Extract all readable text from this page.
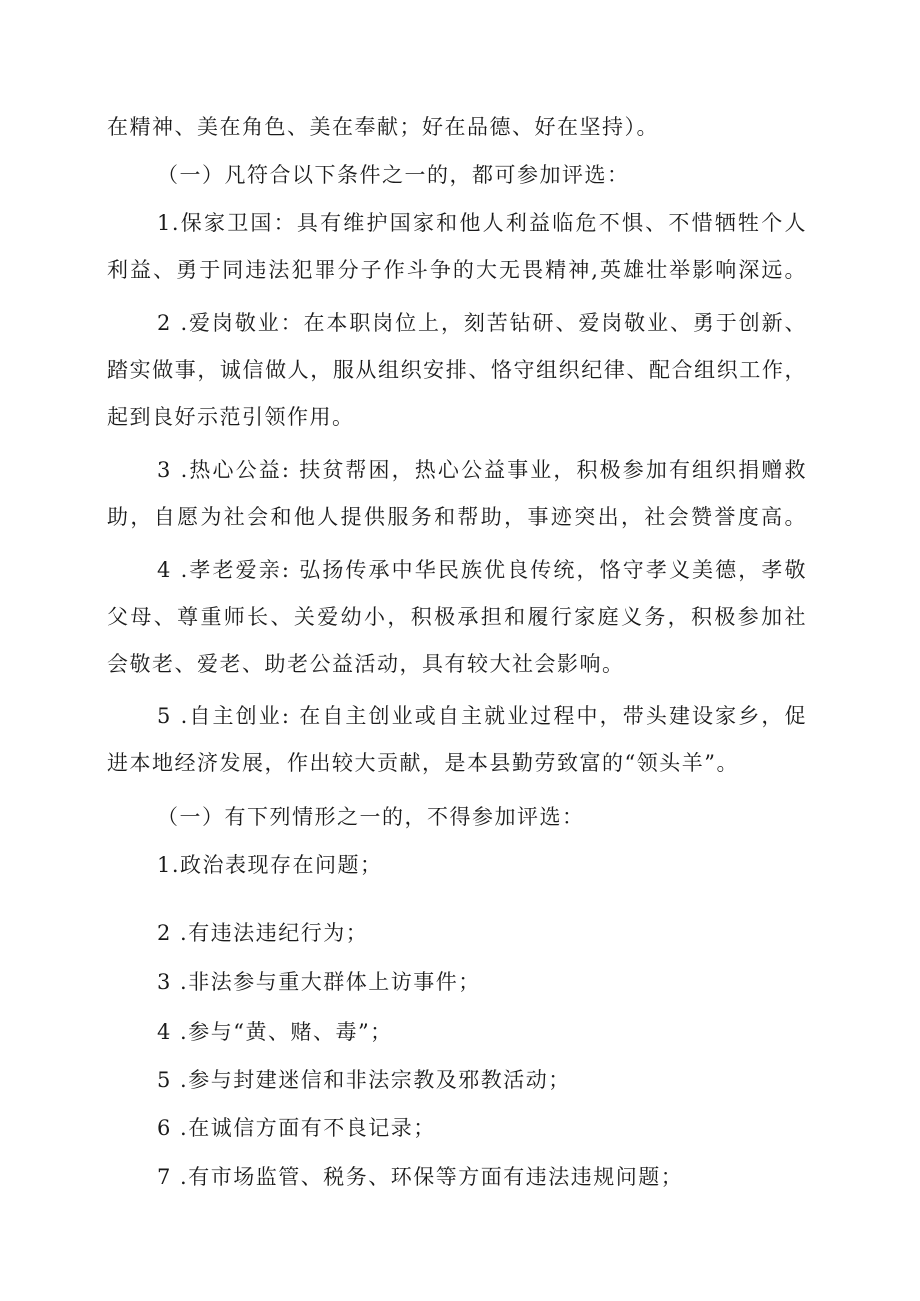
在精神、美在角色、美在奉献；好在品德、好在坚持）。
（一）凡符合以下条件之一的，都可参加评选：
1.保家卫国：具有维护国家和他人利益临危不惧、不惜牺牲个人
利益、勇于同违法犯罪分子作斗争的大无畏精神,英雄壮举影响深远。
2 .爱岗敬业：在本职岗位上，刻苦钻研、爱岗敬业、勇于创新、
踏实做事，诚信做人，服从组织安排、恪守组织纪律、配合组织工作，
起到良好示范引领作用。
3 .热心公益: 扶贫帮困，热心公益事业，积极参加有组织捐赠救
助，自愿为社会和他人提供服务和帮助，事迹突出，社会赞誉度高。
4 .孝老爱亲: 弘扬传承中华民族优良传统，恪守孝义美德，孝敬
父母、尊重师长、关爱幼小，积极承担和履行家庭义务，积极参加社
会敬老、爱老、助老公益活动，具有较大社会影响。
5 .自主创业: 在自主创业或自主就业过程中，带头建设家乡，促
进本地经济发展，作出较大贡献，是本县勤劳致富的“领头羊”。
（一）有下列情形之一的，不得参加评选：
1.政治表现存在问题；
2 .有违法违纪行为；
3 .非法参与重大群体上访事件；
4 .参与“黄、赌、毒”；
5 .参与封建迷信和非法宗教及邪教活动；
6 .在诚信方面有不良记录；
7 .有市场监管、税务、环保等方面有违法违规问题；
